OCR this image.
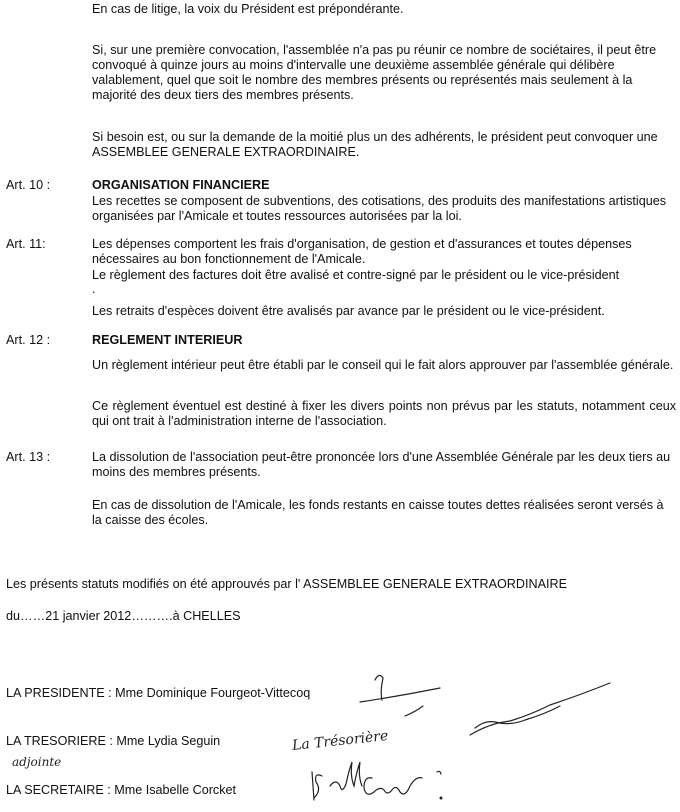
En cas de litige, la voix du Président est prépondérante.

Si, sur une première convocation, l'assemblée n'a pas pu réunir ce nombre de sociétaires, il peut être convoqué à quinze jours au moins d'intervalle une deuxième assemblée générale qui délibère valablement, quel que soit le nombre des membres présents ou représentés mais seulement à la majorité des deux tiers des membres présents.

Si besoin est, ou sur la demande de la moitié plus un des adhérents, le président peut convoquer une ASSEMBLEE GENERALE EXTRAORDINAIRE.

Art. 10 :	ORGANISATION FINANCIERE

Les recettes se composent de subventions, des cotisations, des produits des manifestations artistiques organisées par l'Amicale et toutes ressources autorisées par la loi.

Art. 11:	Les dépenses comportent les frais d'organisation, de gestion et d'assurances et toutes dépenses nécessaires au bon fonctionnement de l'Amicale.

Le règlement des factures doit être avalisé et contre-signé par le président ou le vice-président

.

Les retraits d'espèces doivent être avalisés par avance par le président ou le vice-président.

Art. 12 :	REGLEMENT INTERIEUR

Un règlement intérieur peut être établi par le conseil qui le fait alors approuver par l'assemblée générale.

Ce règlement éventuel est destiné à fixer les divers points non prévus par les statuts, notamment ceux qui ont trait à l'administration interne de l'association.

Art. 13 :	La dissolution de l'association peut-être prononcée lors d'une Assemblée Générale par les deux tiers au moins des membres présents.

En cas de dissolution de l'Amicale, les fonds restants en caisse toutes dettes réalisées seront versés à la caisse des écoles.

Les présents statuts modifiés on été approuvés par l' ASSEMBLEE GENERALE EXTRAORDINAIRE

du……21 janvier 2012……….à CHELLES

LA PRESIDENTE : Mme Dominique Fourgeot-Vittecoq

LA TRESORIERE : Mme Lydia Seguin

LA SECRETAIRE : Mme Isabelle Corcket

La Trésorière
adjointe
